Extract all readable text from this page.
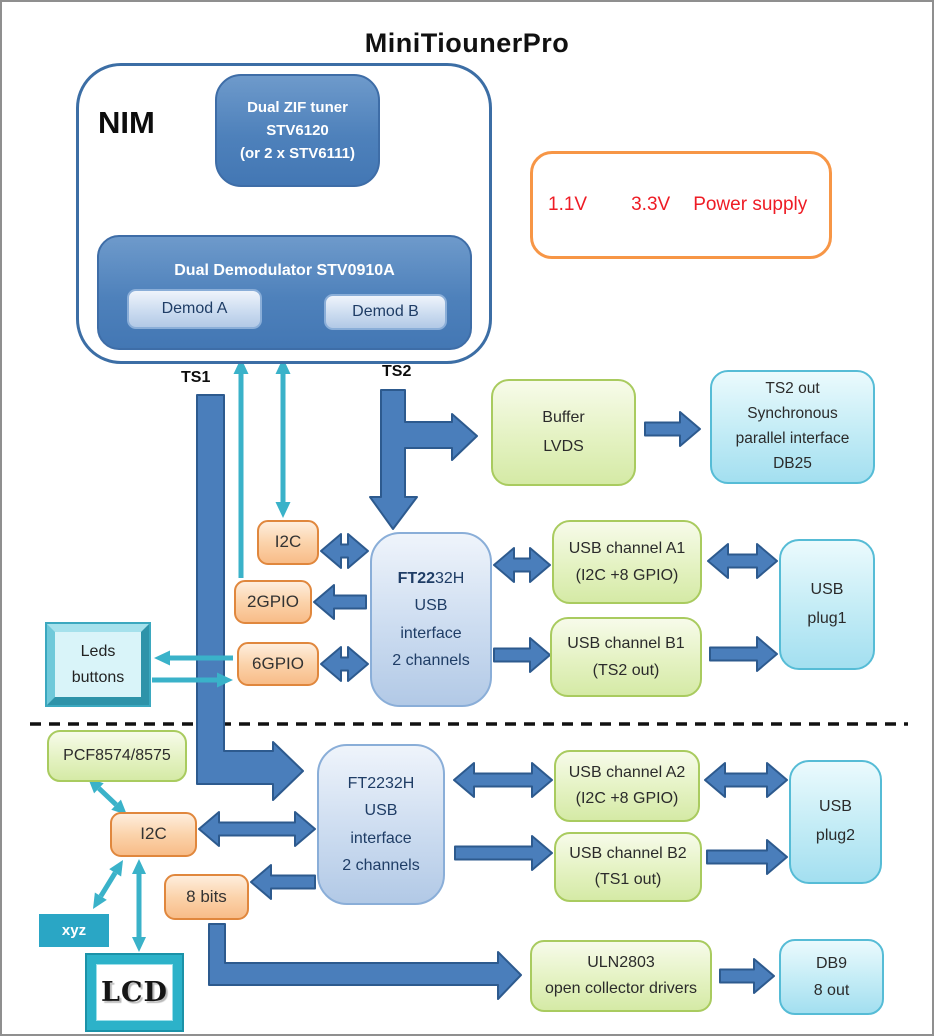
MiniTiounerPro
NIM	Dual ZIF tuner
STV6120
(or 2 x STV6111)
Dual Demodulator STV0910A
Demod A	Demod B
1.1V 3.3V Power supply
TS1	TS2
Buffer
LVDS
TS2 out
Synchronous
parallel interface
DB25
I2C
2GPIO
6GPIO
FT2232H
USB
interface
2 channels
USB channel A1
(I2C +8 GPIO)
USB channel B1
(TS2 out)
USB
plug1
Leds
buttons
PCF8574/8575
I2C
FT2232H
USB
interface
2 channels
USB channel A2
(I2C +8 GPIO)
USB channel B2
(TS1 out)
USB
plug2
8 bits
xyz
LCD
ULN2803
open collector drivers
DB9
8 out
